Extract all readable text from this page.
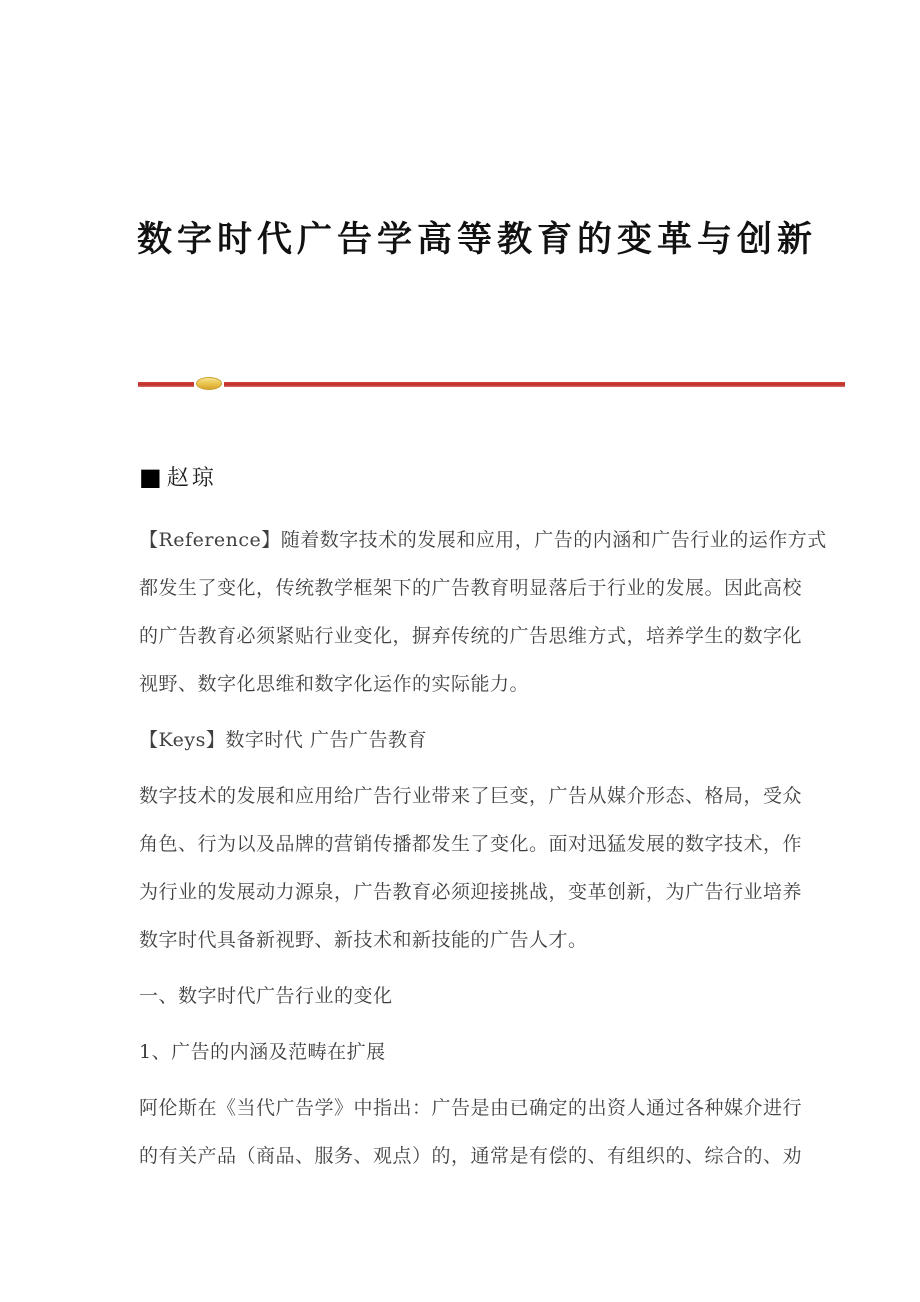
数字时代广告学高等教育的变革与创新

■赵琼

【Reference】随着数字技术的发展和应用，广告的内涵和广告行业的运作方式

都发生了变化，传统教学框架下的广告教育明显落后于行业的发展。因此高校

的广告教育必须紧贴行业变化，摒弃传统的广告思维方式，培养学生的数字化

视野、数字化思维和数字化运作的实际能力。

【Keys】数字时代 广告广告教育

数字技术的发展和应用给广告行业带来了巨变，广告从媒介形态、格局，受众

角色、行为以及品牌的营销传播都发生了变化。面对迅猛发展的数字技术，作

为行业的发展动力源泉，广告教育必须迎接挑战，变革创新，为广告行业培养

数字时代具备新视野、新技术和新技能的广告人才。

一、数字时代广告行业的变化

1、广告的内涵及范畴在扩展

阿伦斯在《当代广告学》中指出：广告是由已确定的出资人通过各种媒介进行

的有关产品（商品、服务、观点）的，通常是有偿的、有组织的、综合的、劝
